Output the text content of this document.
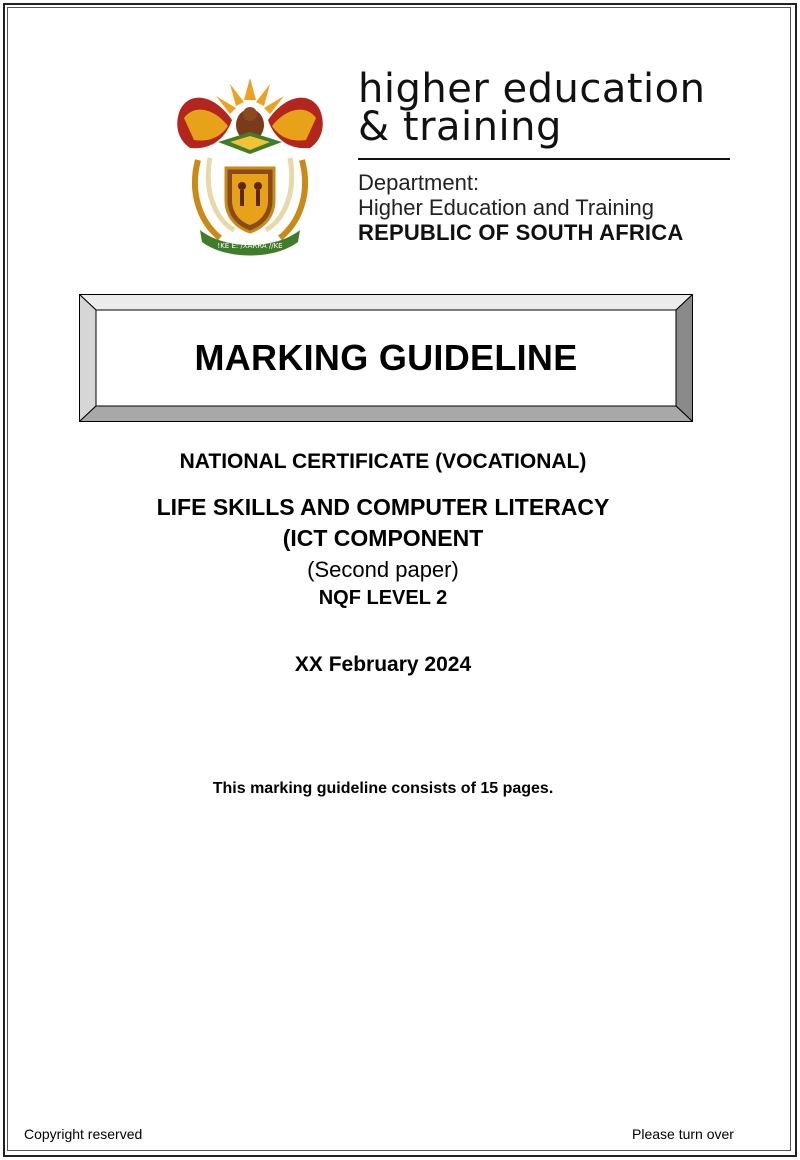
!KE E: /XARRA //KE
higher education
& training
Department:
Higher Education and Training
REPUBLIC OF SOUTH AFRICA
MARKING GUIDELINE
NATIONAL CERTIFICATE (VOCATIONAL)
LIFE SKILLS AND COMPUTER LITERACY
(ICT COMPONENT
(Second paper)
NQF LEVEL 2
XX February 2024
This marking guideline consists of 15 pages.
Copyright reserved	Please turn over
